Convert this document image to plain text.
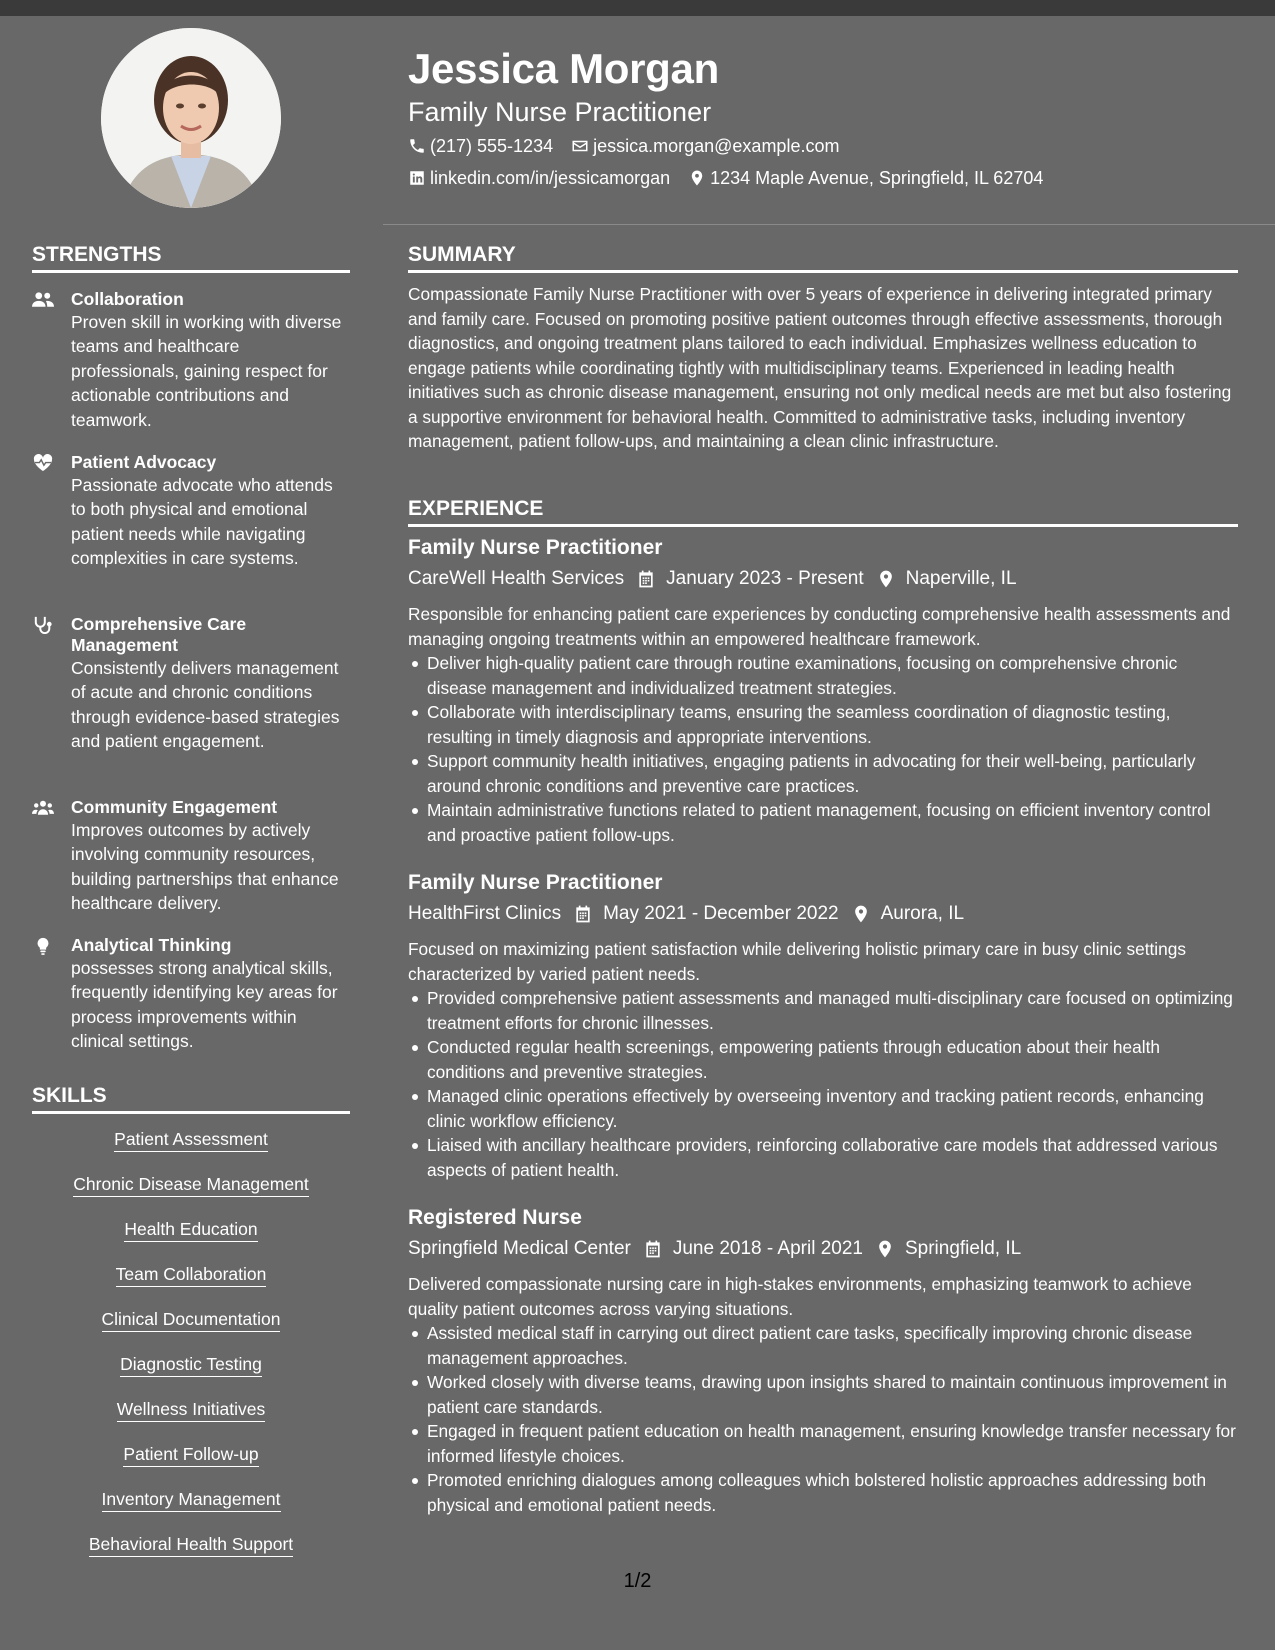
Jessica Morgan
Family Nurse Practitioner
(217) 555-1234 jessica.morgan@example.com
linkedin.com/in/jessicamorgan 1234 Maple Avenue, Springfield, IL 62704
STRENGTHS
Collaboration
Proven skill in working with diverse teams and healthcare professionals, gaining respect for actionable contributions and teamwork.
Patient Advocacy
Passionate advocate who attends to both physical and emotional patient needs while navigating complexities in care systems.
Comprehensive Care Management
Consistently delivers management of acute and chronic conditions through evidence-based strategies and patient engagement.
Community Engagement
Improves outcomes by actively involving community resources, building partnerships that enhance healthcare delivery.
Analytical Thinking
possesses strong analytical skills, frequently identifying key areas for process improvements within clinical settings.
SKILLS
Patient Assessment
Chronic Disease Management
Health Education
Team Collaboration
Clinical Documentation
Diagnostic Testing
Wellness Initiatives
Patient Follow-up
Inventory Management
Behavioral Health Support
SUMMARY

Compassionate Family Nurse Practitioner with over 5 years of experience in delivering integrated primary and family care. Focused on promoting positive patient outcomes through effective assessments, thorough diagnostics, and ongoing treatment plans tailored to each individual. Emphasizes wellness education to engage patients while coordinating tightly with multidisciplinary teams. Experienced in leading health initiatives such as chronic disease management, ensuring not only medical needs are met but also fostering a supportive environment for behavioral health. Committed to administrative tasks, including inventory management, patient follow-ups, and maintaining a clean clinic infrastructure.

EXPERIENCE
Family Nurse Practitioner
CareWell Health Services January 2023 - Present Naperville, IL

Responsible for enhancing patient care experiences by conducting comprehensive health assessments and managing ongoing treatments within an empowered healthcare framework.

Deliver high-quality patient care through routine examinations, focusing on comprehensive chronic disease management and individualized treatment strategies.
Collaborate with interdisciplinary teams, ensuring the seamless coordination of diagnostic testing, resulting in timely diagnosis and appropriate interventions.
Support community health initiatives, engaging patients in advocating for their well-being, particularly around chronic conditions and preventive care practices.
Maintain administrative functions related to patient management, focusing on efficient inventory control and proactive patient follow-ups.
Family Nurse Practitioner
HealthFirst Clinics May 2021 - December 2022 Aurora, IL

Focused on maximizing patient satisfaction while delivering holistic primary care in busy clinic settings characterized by varied patient needs.

Provided comprehensive patient assessments and managed multi-disciplinary care focused on optimizing treatment efforts for chronic illnesses.
Conducted regular health screenings, empowering patients through education about their health conditions and preventive strategies.
Managed clinic operations effectively by overseeing inventory and tracking patient records, enhancing clinic workflow efficiency.
Liaised with ancillary healthcare providers, reinforcing collaborative care models that addressed various aspects of patient health.
Registered Nurse
Springfield Medical Center June 2018 - April 2021 Springfield, IL

Delivered compassionate nursing care in high-stakes environments, emphasizing teamwork to achieve quality patient outcomes across varying situations.

Assisted medical staff in carrying out direct patient care tasks, specifically improving chronic disease management approaches.
Worked closely with diverse teams, drawing upon insights shared to maintain continuous improvement in patient care standards.
Engaged in frequent patient education on health management, ensuring knowledge transfer necessary for informed lifestyle choices.
Promoted enriching dialogues among colleagues which bolstered holistic approaches addressing both physical and emotional patient needs.
1/2
